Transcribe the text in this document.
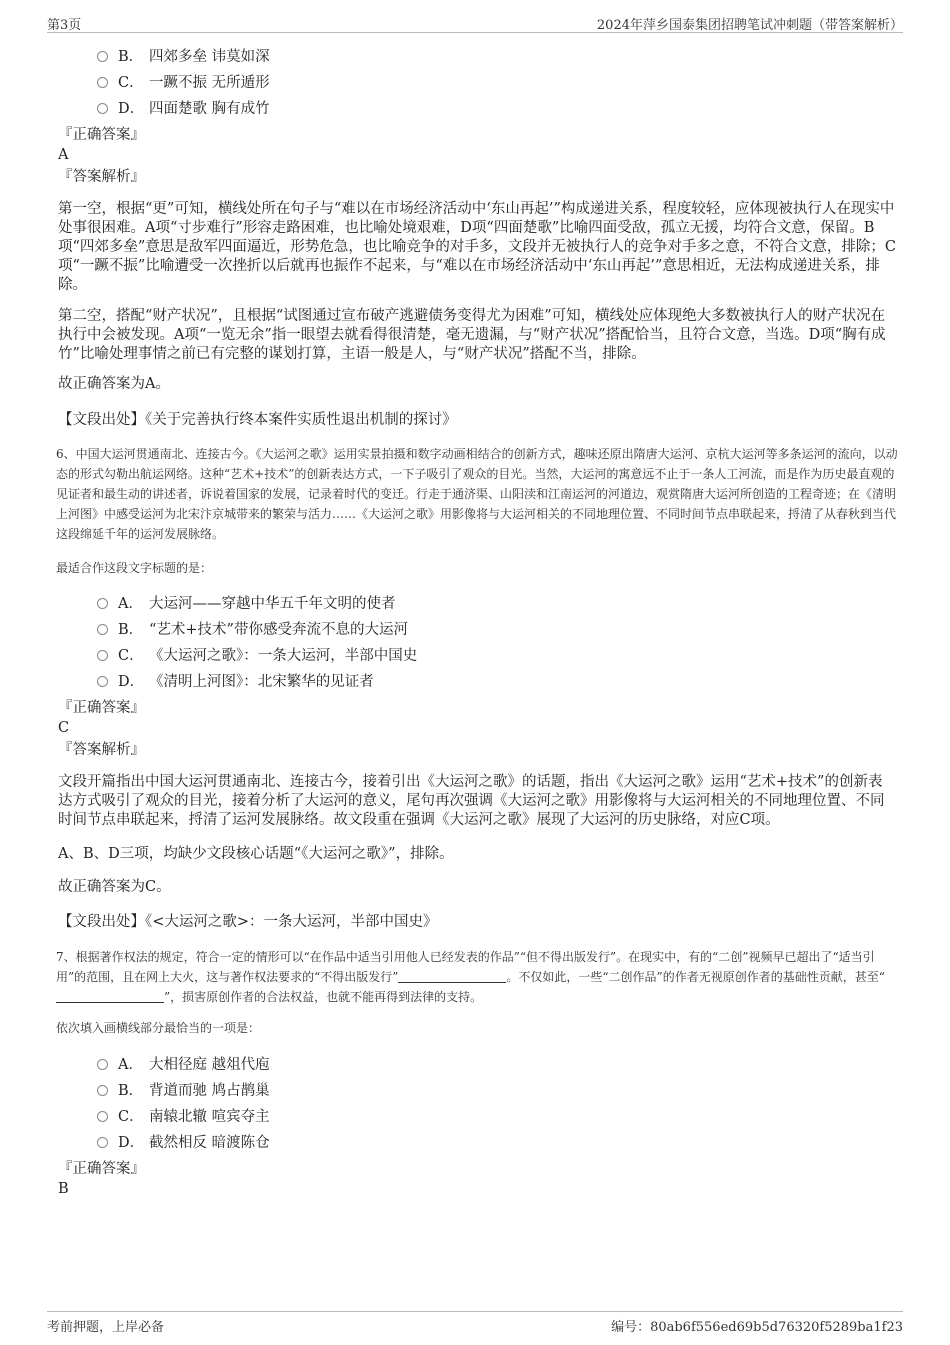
第3页	2024年萍乡国泰集团招聘笔试冲刺题（带答案解析）
B． 四郊多垒 讳莫如深
C． 一蹶不振 无所遁形
D． 四面楚歌 胸有成竹
『正确答案』
A
『答案解析』
第一空，根据“更”可知，横线处所在句子与“难以在市场经济活动中‘东山再起’”构成递进关系，程度较轻，应体现被执行人在现实中处事很困难。A项“寸步难行”形容走路困难，也比喻处境艰难，D项“四面楚歌”比喻四面受敌，孤立无援，均符合文意，保留。B项“四郊多垒”意思是敌军四面逼近，形势危急，也比喻竞争的对手多，文段并无被执行人的竞争对手多之意，不符合文意，排除；C项“一蹶不振”比喻遭受一次挫折以后就再也振作不起来，与“难以在市场经济活动中‘东山再起’”意思相近，无法构成递进关系，排除。
第二空，搭配“财产状况”，且根据“试图通过宣布破产逃避债务变得尤为困难”可知，横线处应体现绝大多数被执行人的财产状况在执行中会被发现。A项“一览无余”指一眼望去就看得很清楚，毫无遗漏，与“财产状况”搭配恰当，且符合文意，当选。D项“胸有成竹”比喻处理事情之前已有完整的谋划打算，主语一般是人，与“财产状况”搭配不当，排除。
故正确答案为A。
【文段出处】《关于完善执行终本案件实质性退出机制的探讨》
6、中国大运河贯通南北、连接古今。《大运河之歌》运用实景拍摄和数字动画相结合的创新方式，趣味还原出隋唐大运河、京杭大运河等多条运河的流向，以动态的形式勾勒出航运网络。这种“艺术+技术”的创新表达方式，一下子吸引了观众的目光。当然，大运河的寓意远不止于一条人工河流，而是作为历史最直观的见证者和最生动的讲述者，诉说着国家的发展，记录着时代的变迁。行走于通济渠、山阳渎和江南运河的河道边，观赏隋唐大运河所创造的工程奇迹；在《清明上河图》中感受运河为北宋汴京城带来的繁荣与活力……《大运河之歌》用影像将与大运河相关的不同地理位置、不同时间节点串联起来，捋清了从春秋到当代这段绵延千年的运河发展脉络。
最适合作这段文字标题的是：
A． 大运河——穿越中华五千年文明的使者
B． “艺术+技术”带你感受奔流不息的大运河
C． 《大运河之歌》：一条大运河，半部中国史
D． 《清明上河图》：北宋繁华的见证者
『正确答案』
C
『答案解析』
文段开篇指出中国大运河贯通南北、连接古今，接着引出《大运河之歌》的话题，指出《大运河之歌》运用“艺术+技术”的创新表达方式吸引了观众的目光，接着分析了大运河的意义，尾句再次强调《大运河之歌》用影像将与大运河相关的不同地理位置、不同时间节点串联起来，捋清了运河发展脉络。故文段重在强调《大运河之歌》展现了大运河的历史脉络，对应C项。
A、B、D三项，均缺少文段核心话题“《大运河之歌》”，排除。
故正确答案为C。
【文段出处】《<大运河之歌>：一条大运河，半部中国史》
7、根据著作权法的规定，符合一定的情形可以“在作品中适当引用他人已经发表的作品”“但不得出版发行”。在现实中，有的“二创”视频早已超出了“适当引用”的范围，且在网上大火，这与著作权法要求的“不得出版发行”	。不仅如此，一些“二创作品”的作者无视原创作者的基础性贡献，甚至“”，损害原创作者的合法权益，也就不能再得到法律的支持。
依次填入画横线部分最恰当的一项是：
A． 大相径庭 越俎代庖
B． 背道而驰 鸠占鹊巢
C． 南辕北辙 喧宾夺主
D． 截然相反 暗渡陈仓
『正确答案』
B
考前押题，上岸必备	编号：80ab6f556ed69b5d76320f5289ba1f23
